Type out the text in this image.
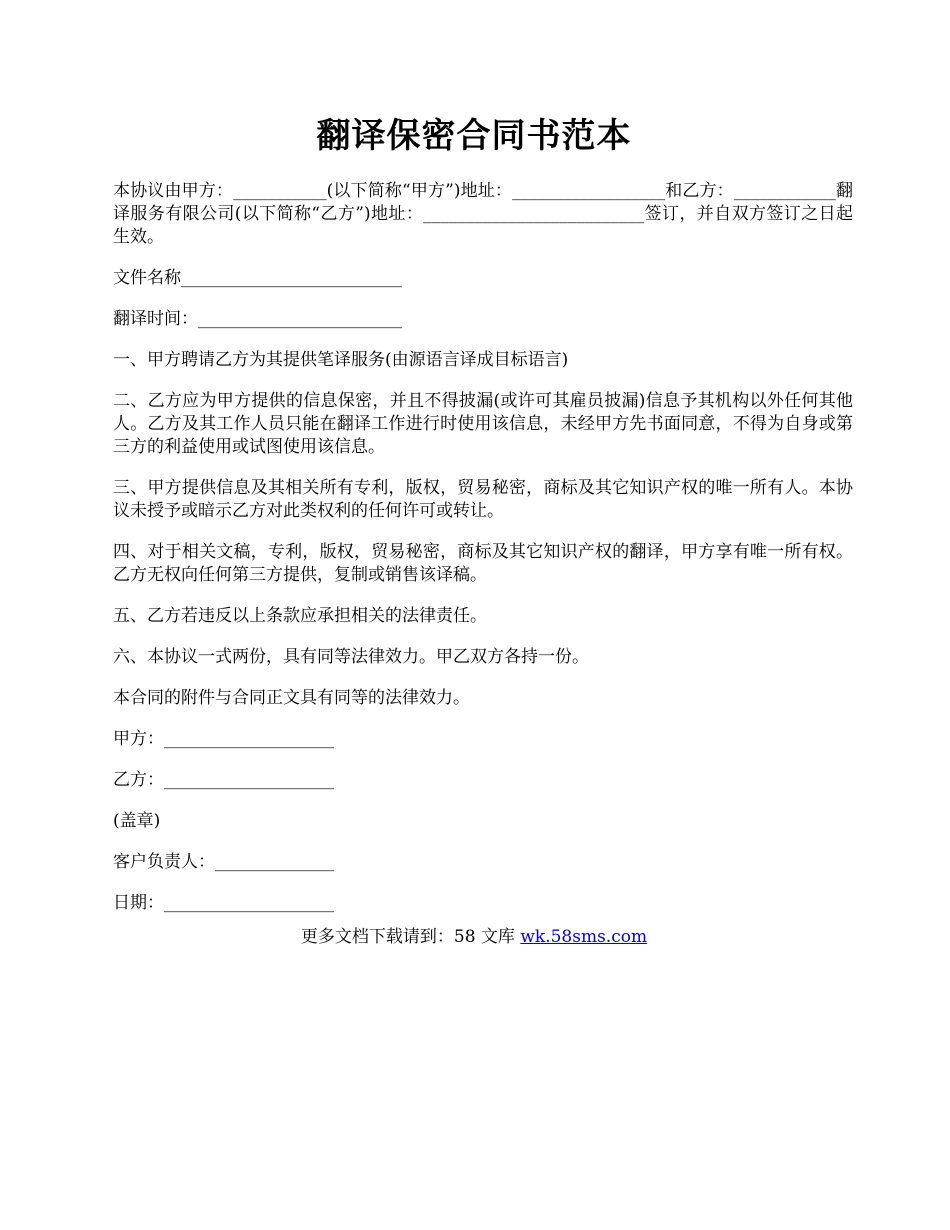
翻译保密合同书范本

本协议由甲方：___________(以下简称“甲方”)地址：__________________和乙方：____________翻译服务有限公司(以下简称“乙方”)地址：__________________________签订，并自双方签订之日起生效。

文件名称__________________________

翻译时间：________________________

一、甲方聘请乙方为其提供笔译服务(由源语言译成目标语言)

二、乙方应为甲方提供的信息保密，并且不得披漏(或许可其雇员披漏)信息予其机构以外任何其他人。乙方及其工作人员只能在翻译工作进行时使用该信息，未经甲方先书面同意，不得为自身或第三方的利益使用或试图使用该信息。

三、甲方提供信息及其相关所有专利，版权，贸易秘密，商标及其它知识产权的唯一所有人。本协议未授予或暗示乙方对此类权利的任何许可或转让。

四、对于相关文稿，专利，版权，贸易秘密，商标及其它知识产权的翻译，甲方享有唯一所有权。乙方无权向任何第三方提供，复制或销售该译稿。

五、乙方若违反以上条款应承担相关的法律责任。

六、本协议一式两份，具有同等法律效力。甲乙双方各持一份。

本合同的附件与合同正文具有同等的法律效力。

甲方：____________________

乙方：____________________

(盖章)

客户负责人：______________

日期：____________________

更多文档下载请到：58 文库 wk.58sms.com
